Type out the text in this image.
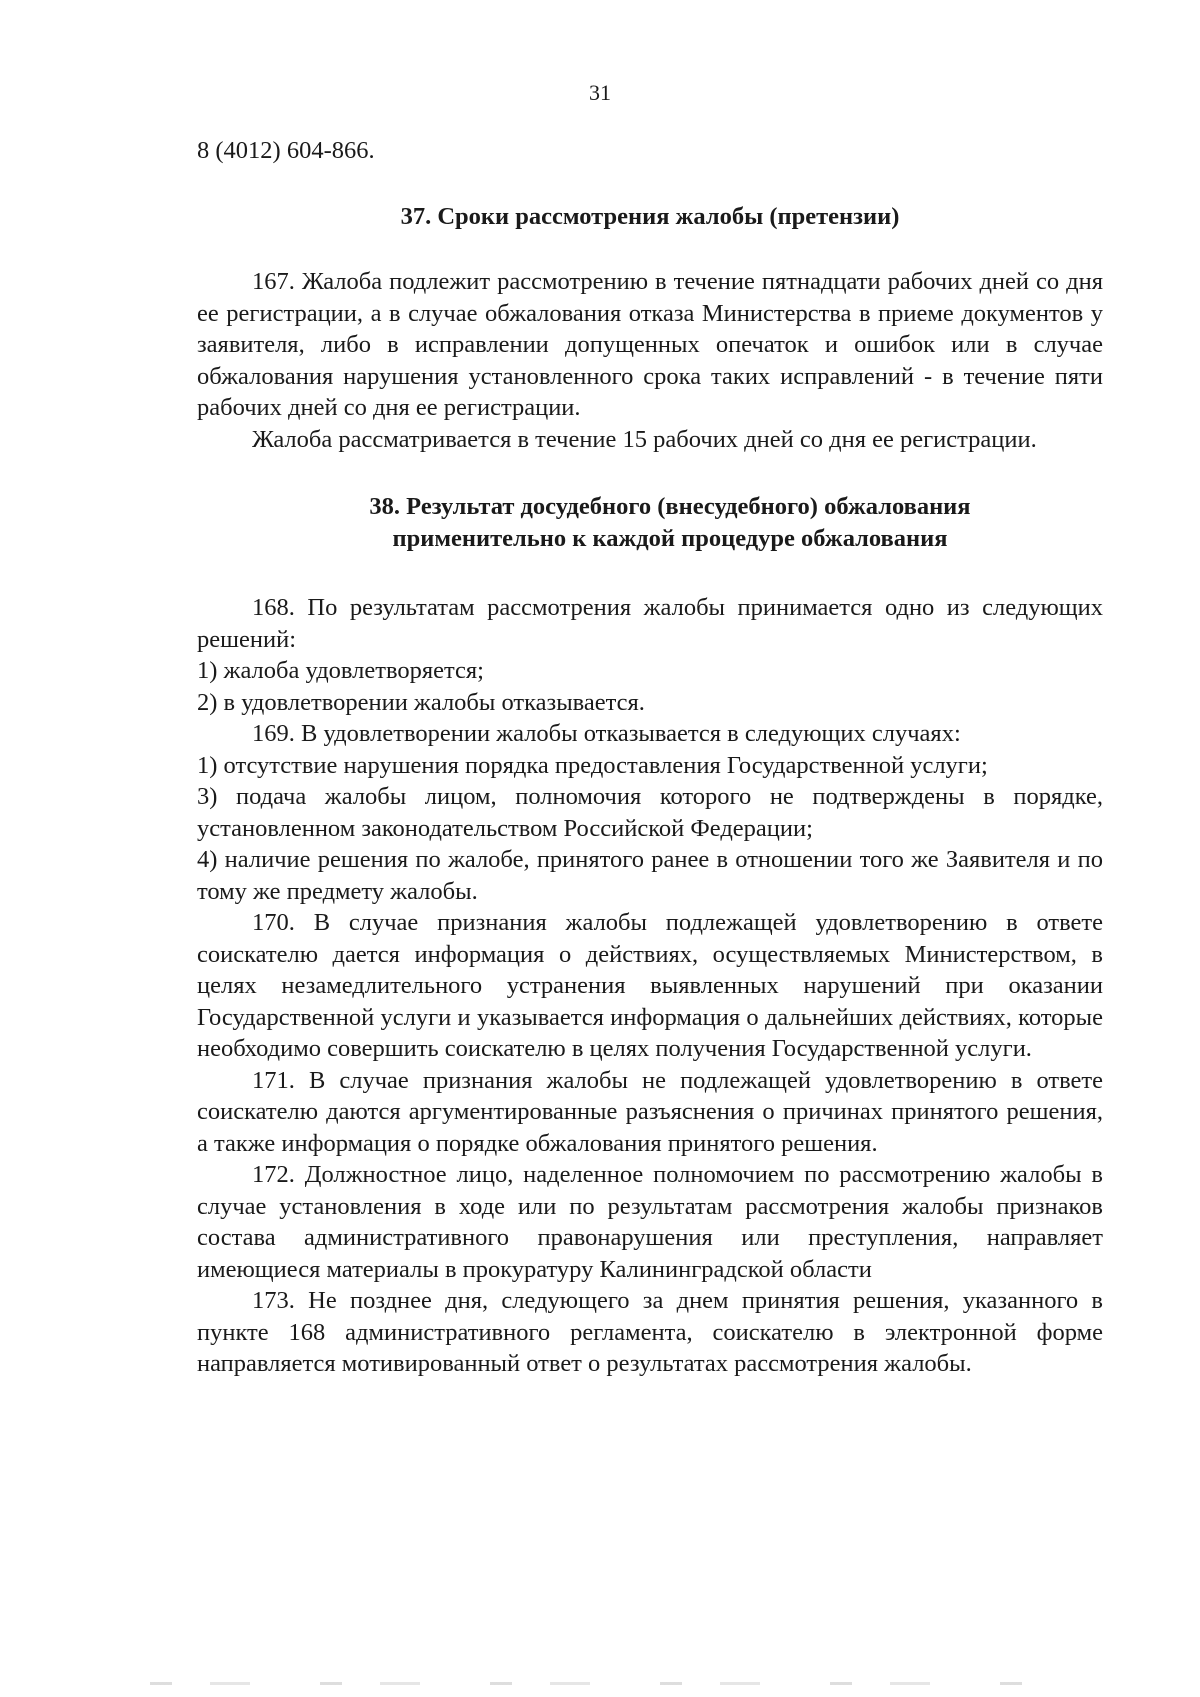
31

8 (4012) 604-866.

37. Сроки рассмотрения жалобы (претензии)

167. Жалоба подлежит рассмотрению в течение пятнадцати рабочих дней со дня ее регистрации, а в случае обжалования отказа Министерства в приеме документов у заявителя, либо в исправлении допущенных опечаток и ошибок или в случае обжалования нарушения установленного срока таких исправлений - в течение пяти рабочих дней со дня ее регистрации.

Жалоба рассматривается в течение 15 рабочих дней со дня ее регистрации.

38. Результат досудебного (внесудебного) обжалования
применительно к каждой процедуре обжалования

168. По результатам рассмотрения жалобы принимается одно из следующих решений:

1) жалоба удовлетворяется;

2) в удовлетворении жалобы отказывается.

169. В удовлетворении жалобы отказывается в следующих случаях:

1) отсутствие нарушения порядка предоставления Государственной услуги;

3) подача жалобы лицом, полномочия которого не подтверждены в порядке, установленном законодательством Российской Федерации;

4) наличие решения по жалобе, принятого ранее в отношении того же Заявителя и по тому же предмету жалобы.

170. В случае признания жалобы подлежащей удовлетворению в ответе соискателю дается информация о действиях, осуществляемых Министерством, в целях незамедлительного устранения выявленных нарушений при оказании Государственной услуги и указывается информация о дальнейших действиях, которые необходимо совершить соискателю в целях получения Государственной услуги.

171. В случае признания жалобы не подлежащей удовлетворению в ответе соискателю даются аргументированные разъяснения о причинах принятого решения, а также информация о порядке обжалования принятого решения.

172. Должностное лицо, наделенное полномочием по рассмотрению жалобы в случае установления в ходе или по результатам рассмотрения жалобы признаков состава административного правонарушения или преступления, направляет имеющиеся материалы в прокуратуру Калининградской области

173. Не позднее дня, следующего за днем принятия решения, указанного в пункте 168 административного регламента, соискателю в электронной форме направляется мотивированный ответ о результатах рассмотрения жалобы.
